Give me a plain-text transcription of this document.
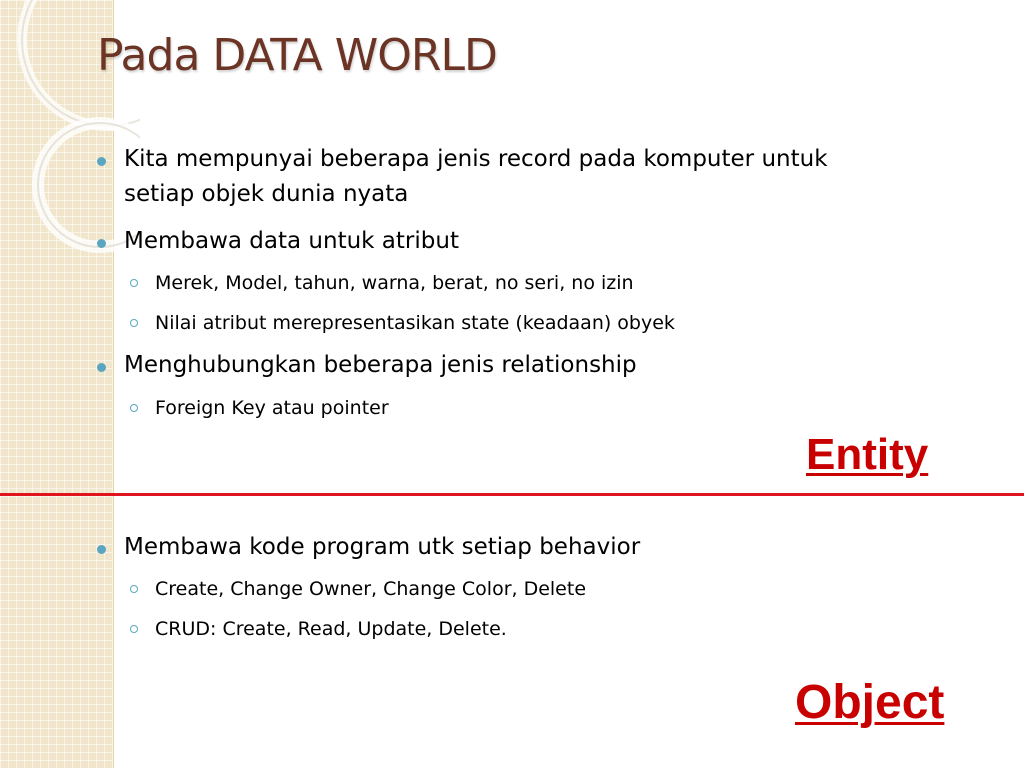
Pada DATA WORLD
Kita mempunyai beberapa jenis record pada komputer untuk
setiap objek dunia nyata
Membawa data untuk atribut
Merek, Model, tahun, warna, berat, no seri, no izin
Nilai atribut merepresentasikan state (keadaan) obyek
Menghubungkan beberapa jenis relationship
Foreign Key atau pointer
Entity
Membawa kode program utk setiap behavior
Create, Change Owner, Change Color, Delete
CRUD: Create, Read, Update, Delete.
Object
